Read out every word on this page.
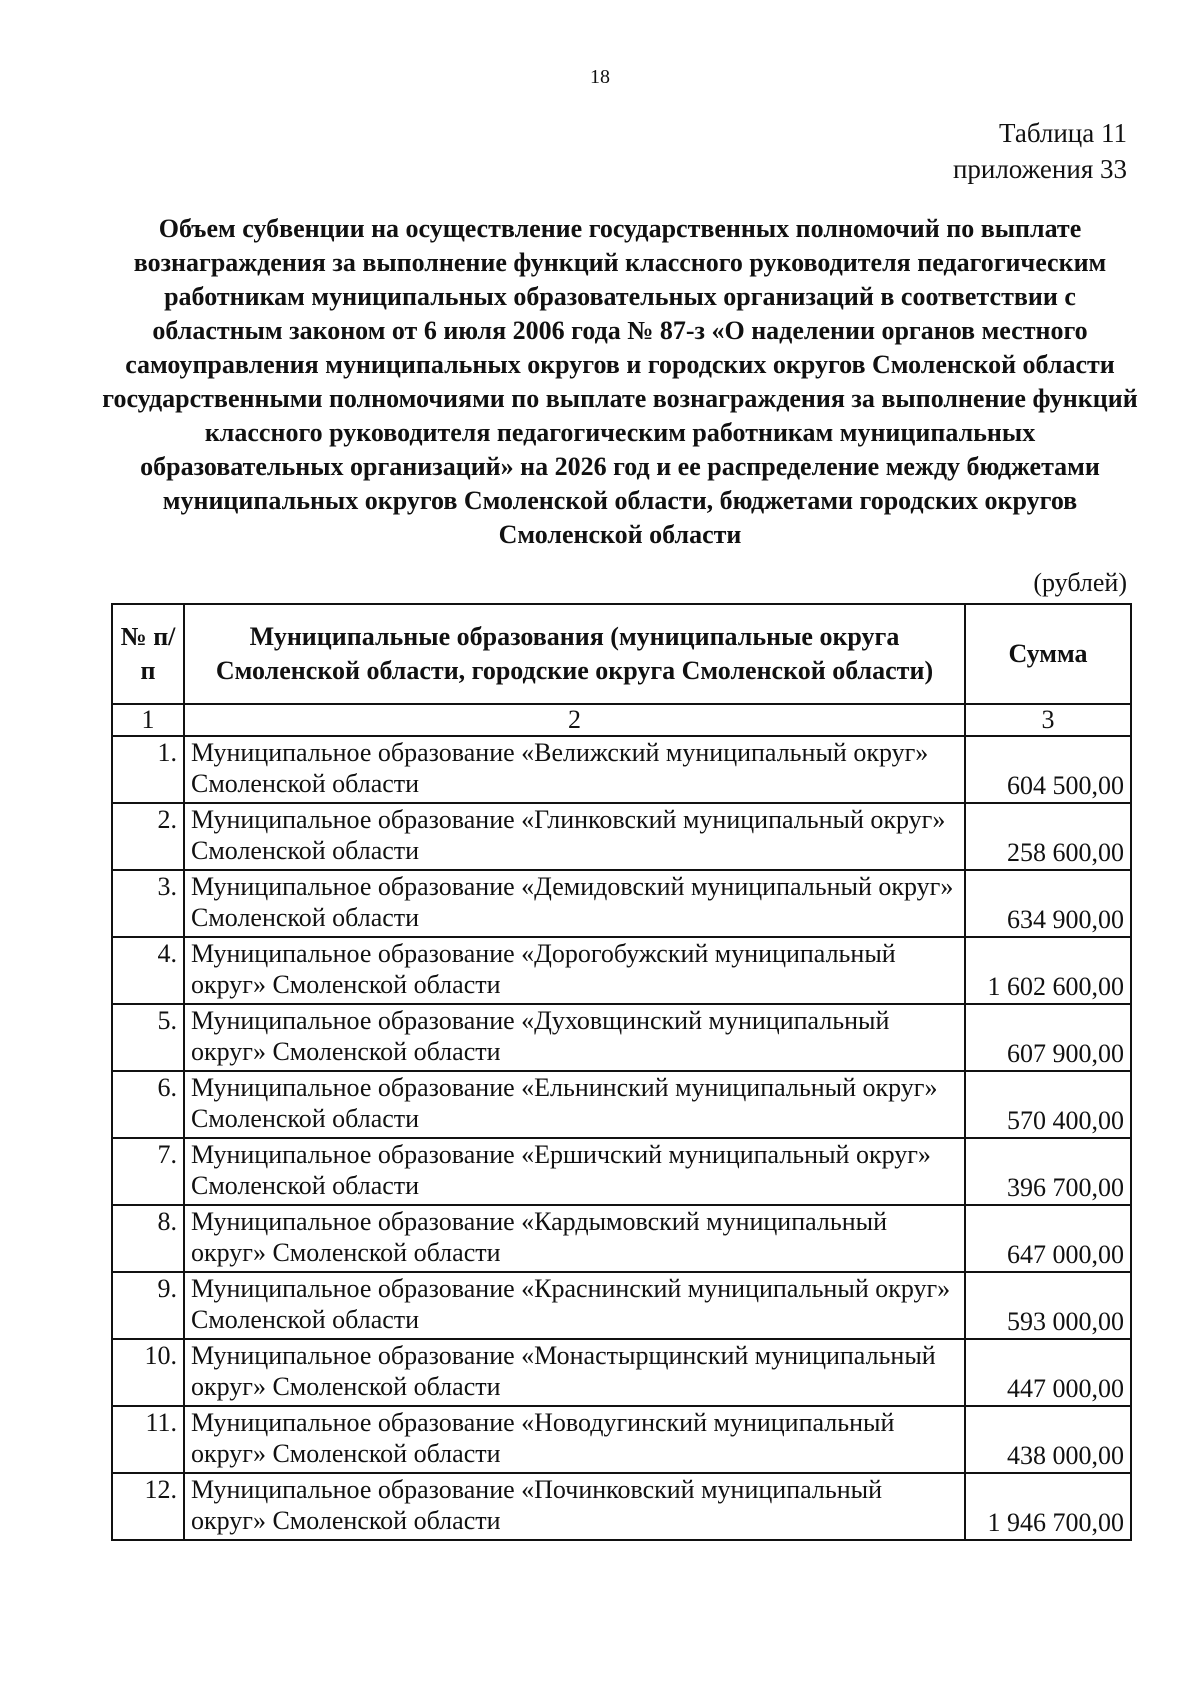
18
Таблица 11
приложения 33
Объем субвенции на осуществление государственных полномочий по выплате вознаграждения за выполнение функций классного руководителя педагогическим работникам муниципальных образовательных организаций в соответствии с областным законом от 6 июля 2006 года № 87-з «О наделении органов местного самоуправления муниципальных округов и городских округов Смоленской области государственными полномочиями по выплате вознаграждения за выполнение функций классного руководителя педагогическим работникам муниципальных образовательных организаций» на 2026 год и ее распределение между бюджетами муниципальных округов Смоленской области, бюджетами городских округов Смоленской области
(рублей)
№ п/п	Муниципальные образования (муниципальные округа Смоленской области, городские округа Смоленской области)	Сумма
1	2	3
1.	Муниципальное образование «Велижский муниципальный округ» Смоленской области	604 500,00
2.	Муниципальное образование «Глинковский муниципальный округ» Смоленской области	258 600,00
3.	Муниципальное образование «Демидовский муниципальный округ» Смоленской области	634 900,00
4.	Муниципальное образование «Дорогобужский муниципальный округ» Смоленской области	1 602 600,00
5.	Муниципальное образование «Духовщинский муниципальный округ» Смоленской области	607 900,00
6.	Муниципальное образование «Ельнинский муниципальный округ» Смоленской области	570 400,00
7.	Муниципальное образование «Ершичский муниципальный округ» Смоленской области	396 700,00
8.	Муниципальное образование «Кардымовский муниципальный округ» Смоленской области	647 000,00
9.	Муниципальное образование «Краснинский муниципальный округ» Смоленской области	593 000,00
10.	Муниципальное образование «Монастырщинский муниципальный округ» Смоленской области	447 000,00
11.	Муниципальное образование «Новодугинский муниципальный округ» Смоленской области	438 000,00
12.	Муниципальное образование «Починковский муниципальный округ» Смоленской области	1 946 700,00
